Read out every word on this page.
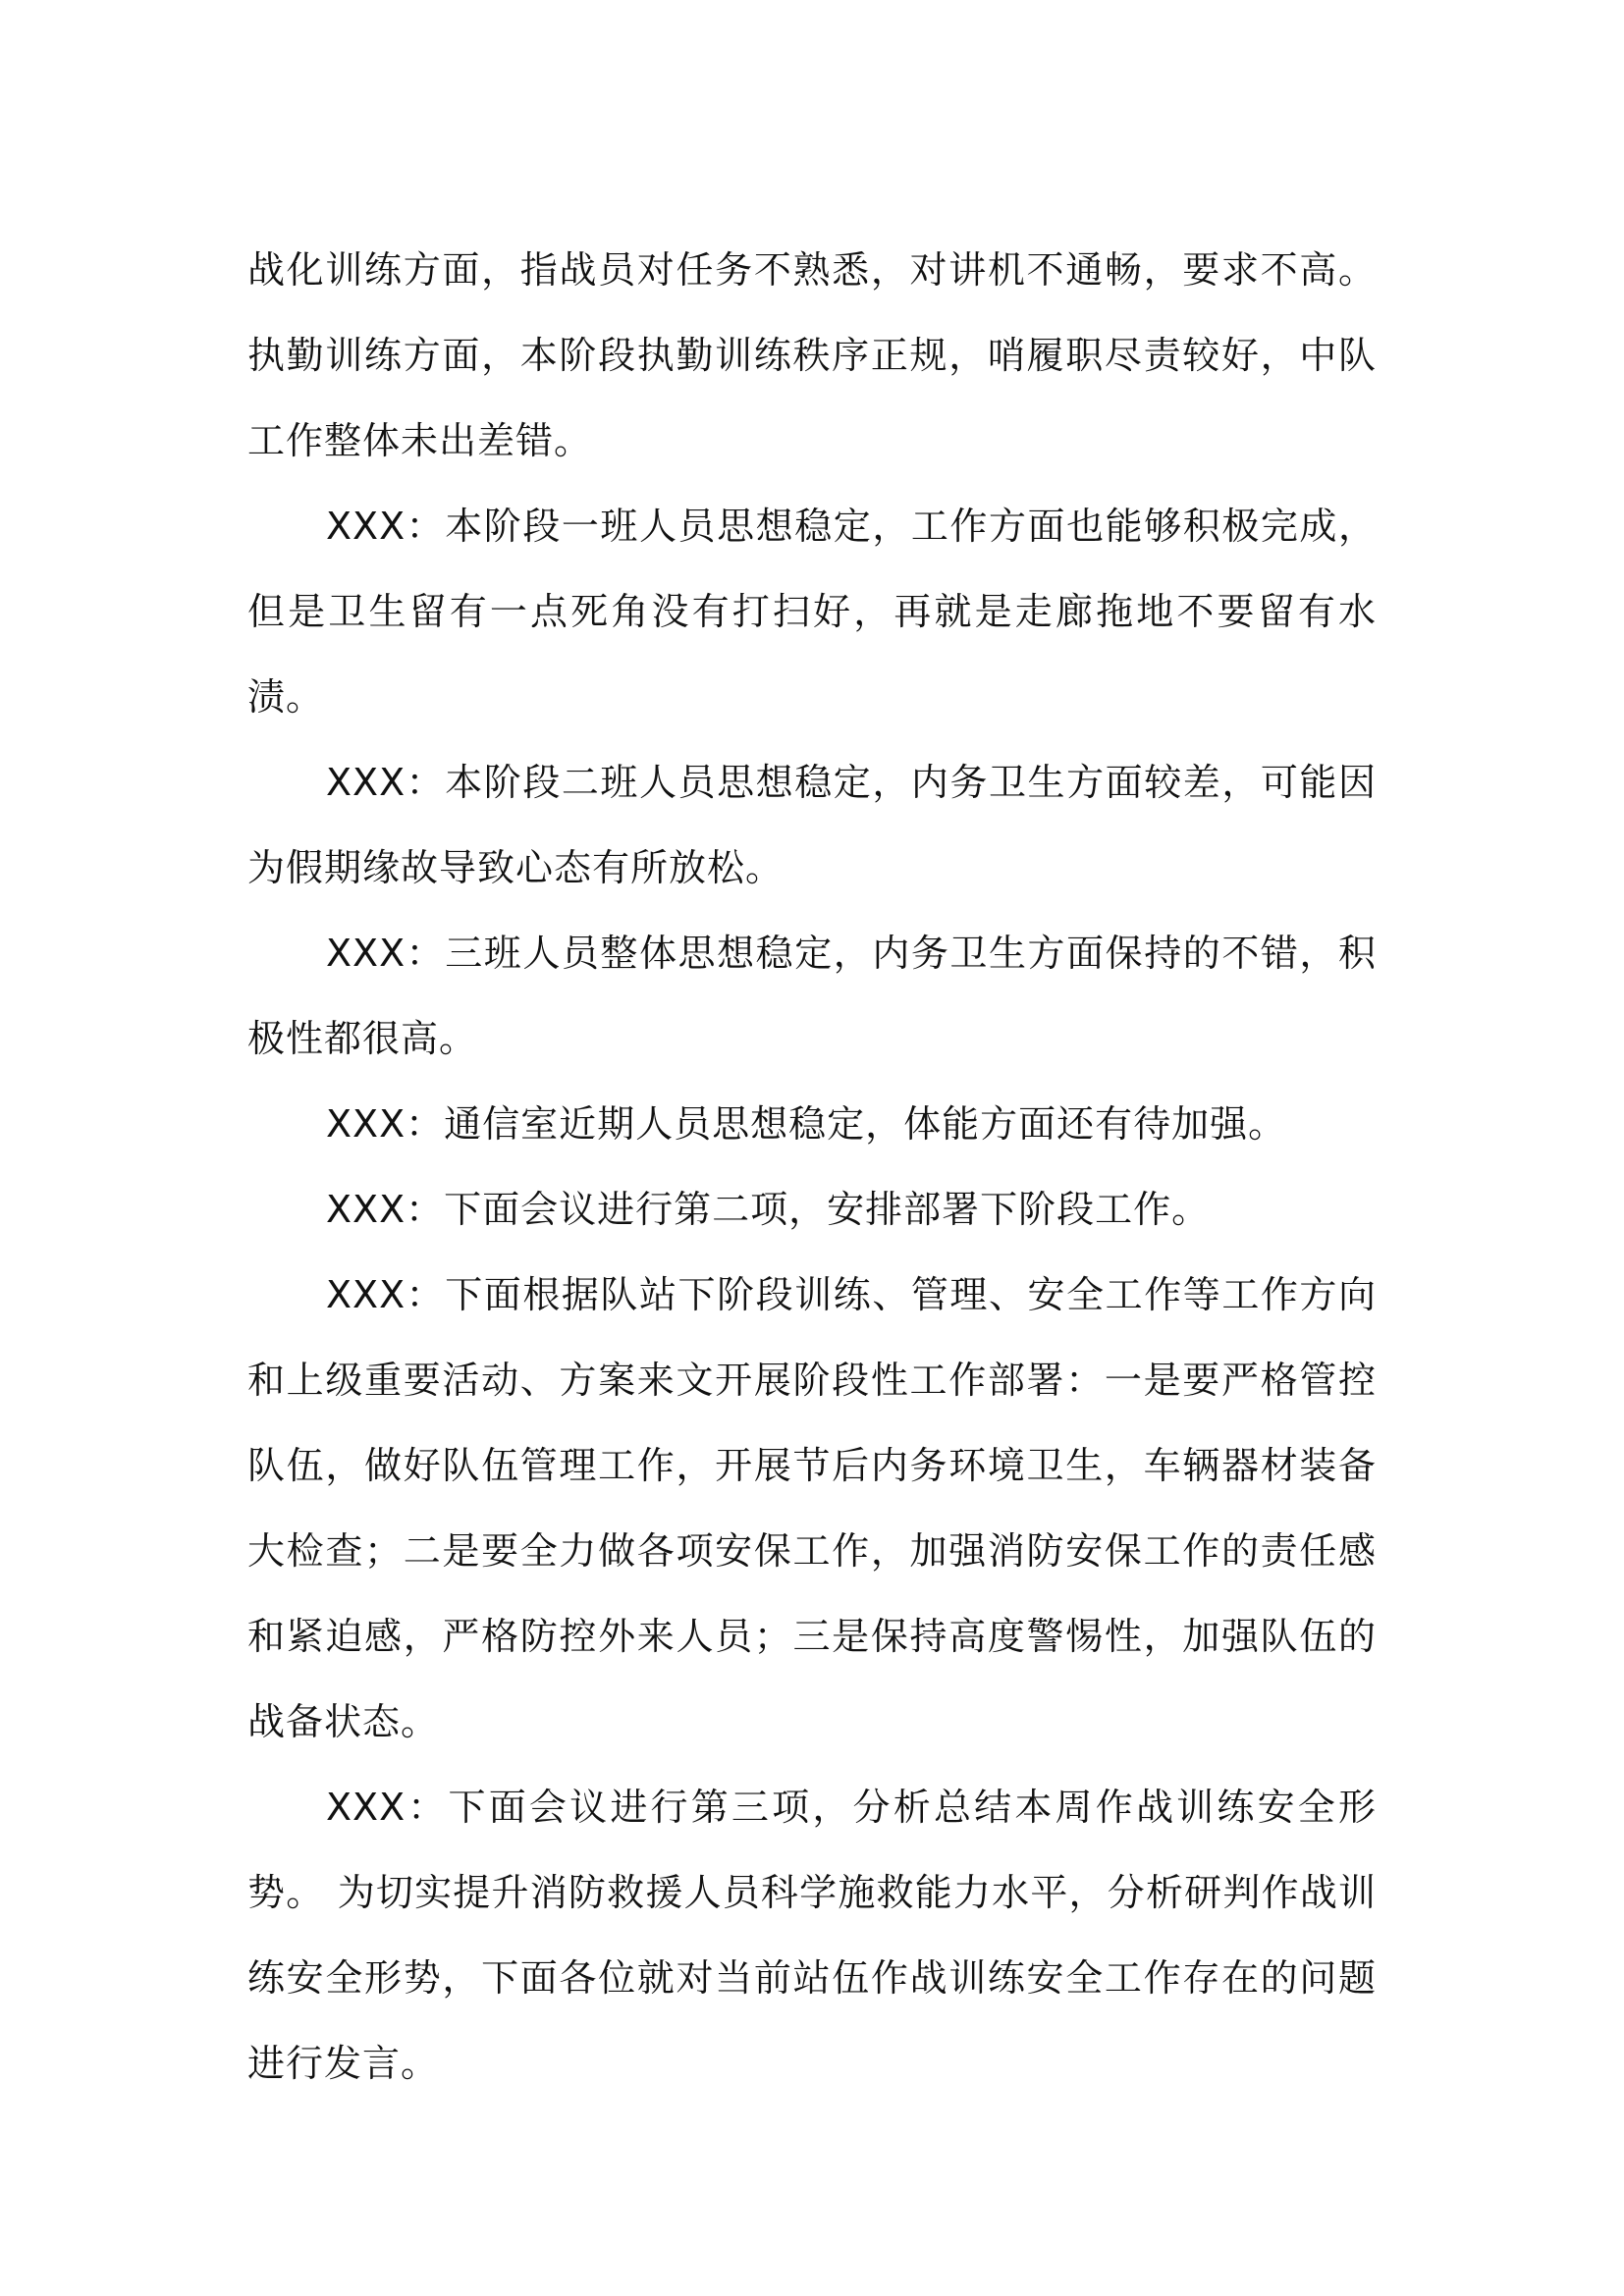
战化训练方面，指战员对任务不熟悉，对讲机不通畅，要求不高。执勤训练方面，本阶段执勤训练秩序正规，哨履职尽责较好，中队工作整体未出差错。

XXX：本阶段一班人员思想稳定，工作方面也能够积极完成，但是卫生留有一点死角没有打扫好，再就是走廊拖地不要留有水渍。

XXX：本阶段二班人员思想稳定，内务卫生方面较差，可能因为假期缘故导致心态有所放松。

XXX：三班人员整体思想稳定，内务卫生方面保持的不错，积极性都很高。

XXX：通信室近期人员思想稳定，体能方面还有待加强。

XXX：下面会议进行第二项，安排部署下阶段工作。

XXX：下面根据队站下阶段训练、管理、安全工作等工作方向和上级重要活动、方案来文开展阶段性工作部署：一是要严格管控队伍，做好队伍管理工作，开展节后内务环境卫生，车辆器材装备大检查；二是要全力做各项安保工作，加强消防安保工作的责任感和紧迫感，严格防控外来人员；三是保持高度警惕性，加强队伍的战备状态。

XXX：下面会议进行第三项，分析总结本周作战训练安全形势。 为切实提升消防救援人员科学施救能力水平，分析研判作战训练安全形势，下面各位就对当前站伍作战训练安全工作存在的问题进行发言。
